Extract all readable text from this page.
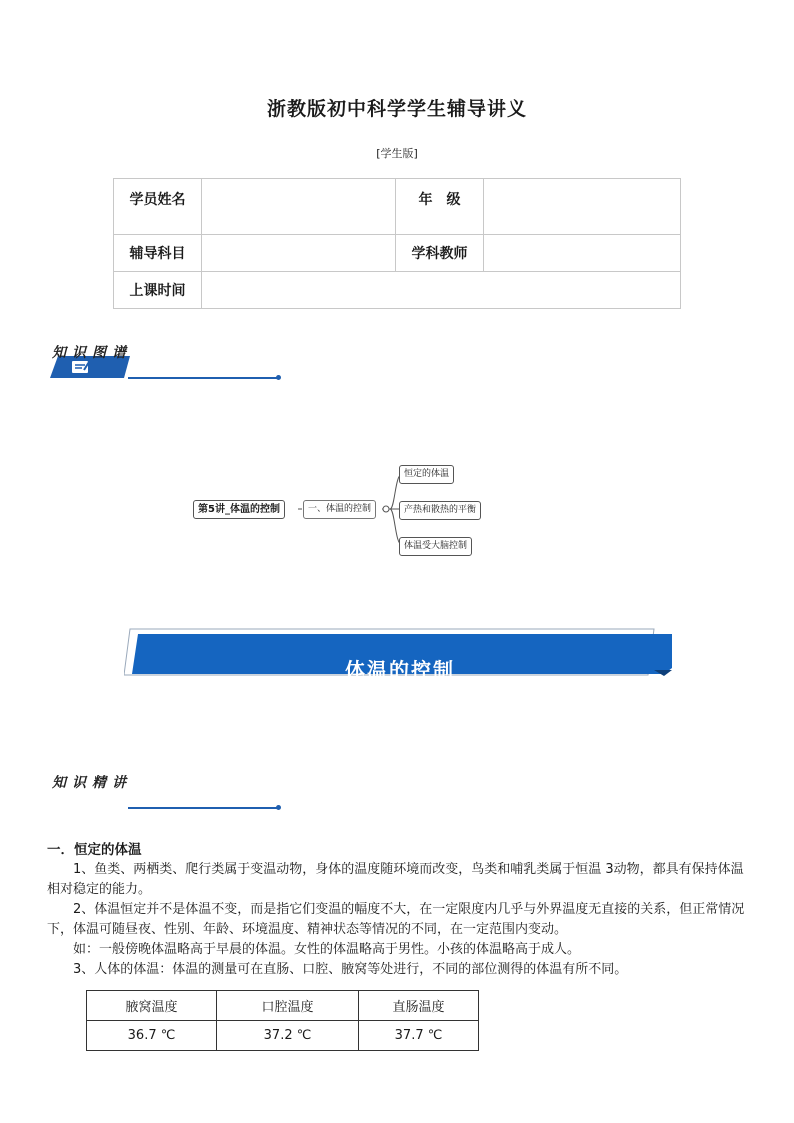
浙教版初中科学学生辅导讲义
[学生版]
学员姓名		年　级	
辅导科目		学科教师	
上课时间			
知识图谱
第5讲_体温的控制	一、体温的控制
恒定的体温
产热和散热的平衡
体温受大脑控制
体温的控制
知识精讲

一．恒定的体温

1、鱼类、两栖类、爬行类属于变温动物，身体的温度随环境而改变，鸟类和哺乳类属于恒温 3动物，都具有保持体温相对稳定的能力。

2、体温恒定并不是体温不变，而是指它们变温的幅度不大，在一定限度内几乎与外界温度无直接的关系，但正常情况下，体温可随昼夜、性别、年龄、环境温度、精神状态等情况的不同，在一定范围内变动。

如：一般傍晚体温略高于早晨的体温。女性的体温略高于男性。小孩的体温略高于成人。

3、人体的体温：体温的测量可在直肠、口腔、腋窝等处进行，不同的部位测得的体温有所不同。

腋窝温度	口腔温度	直肠温度
36.7 ℃	37.2 ℃	37.7 ℃
